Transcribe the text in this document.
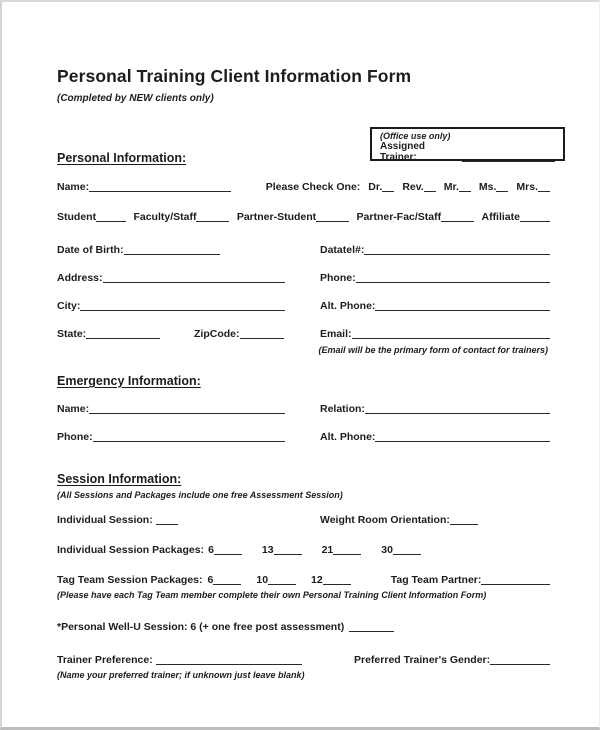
Personal Training Client Information Form
(Completed by NEW clients only)
(Office use only)
Assigned Trainer:
Personal Information:
Name:	Please Check One: Dr. Rev. Mr. Ms. Mrs.
Student	Faculty/Staff	Partner-Student	Partner-Fac/Staff	Affiliate
Date of Birth:	Datatel#:
Address:	Phone:
City:	Alt. Phone:
State:	ZipCode:	Email:
(Email will be the primary form of contact for trainers)
Emergency Information:
Name:	Relation:
Phone:	Alt. Phone:
Session Information:
(All Sessions and Packages include one free Assessment Session)
Individual Session:	Weight Room Orientation:
Individual Session Packages: 6	13	21	30
Tag Team Session Packages: 6	10	12	Tag Team Partner:
(Please have each Tag Team member complete their own Personal Training Client Information Form)
*Personal Well-U Session: 6 (+ one free post assessment)
Trainer Preference:	Preferred Trainer's Gender:
(Name your preferred trainer; if unknown just leave blank)
